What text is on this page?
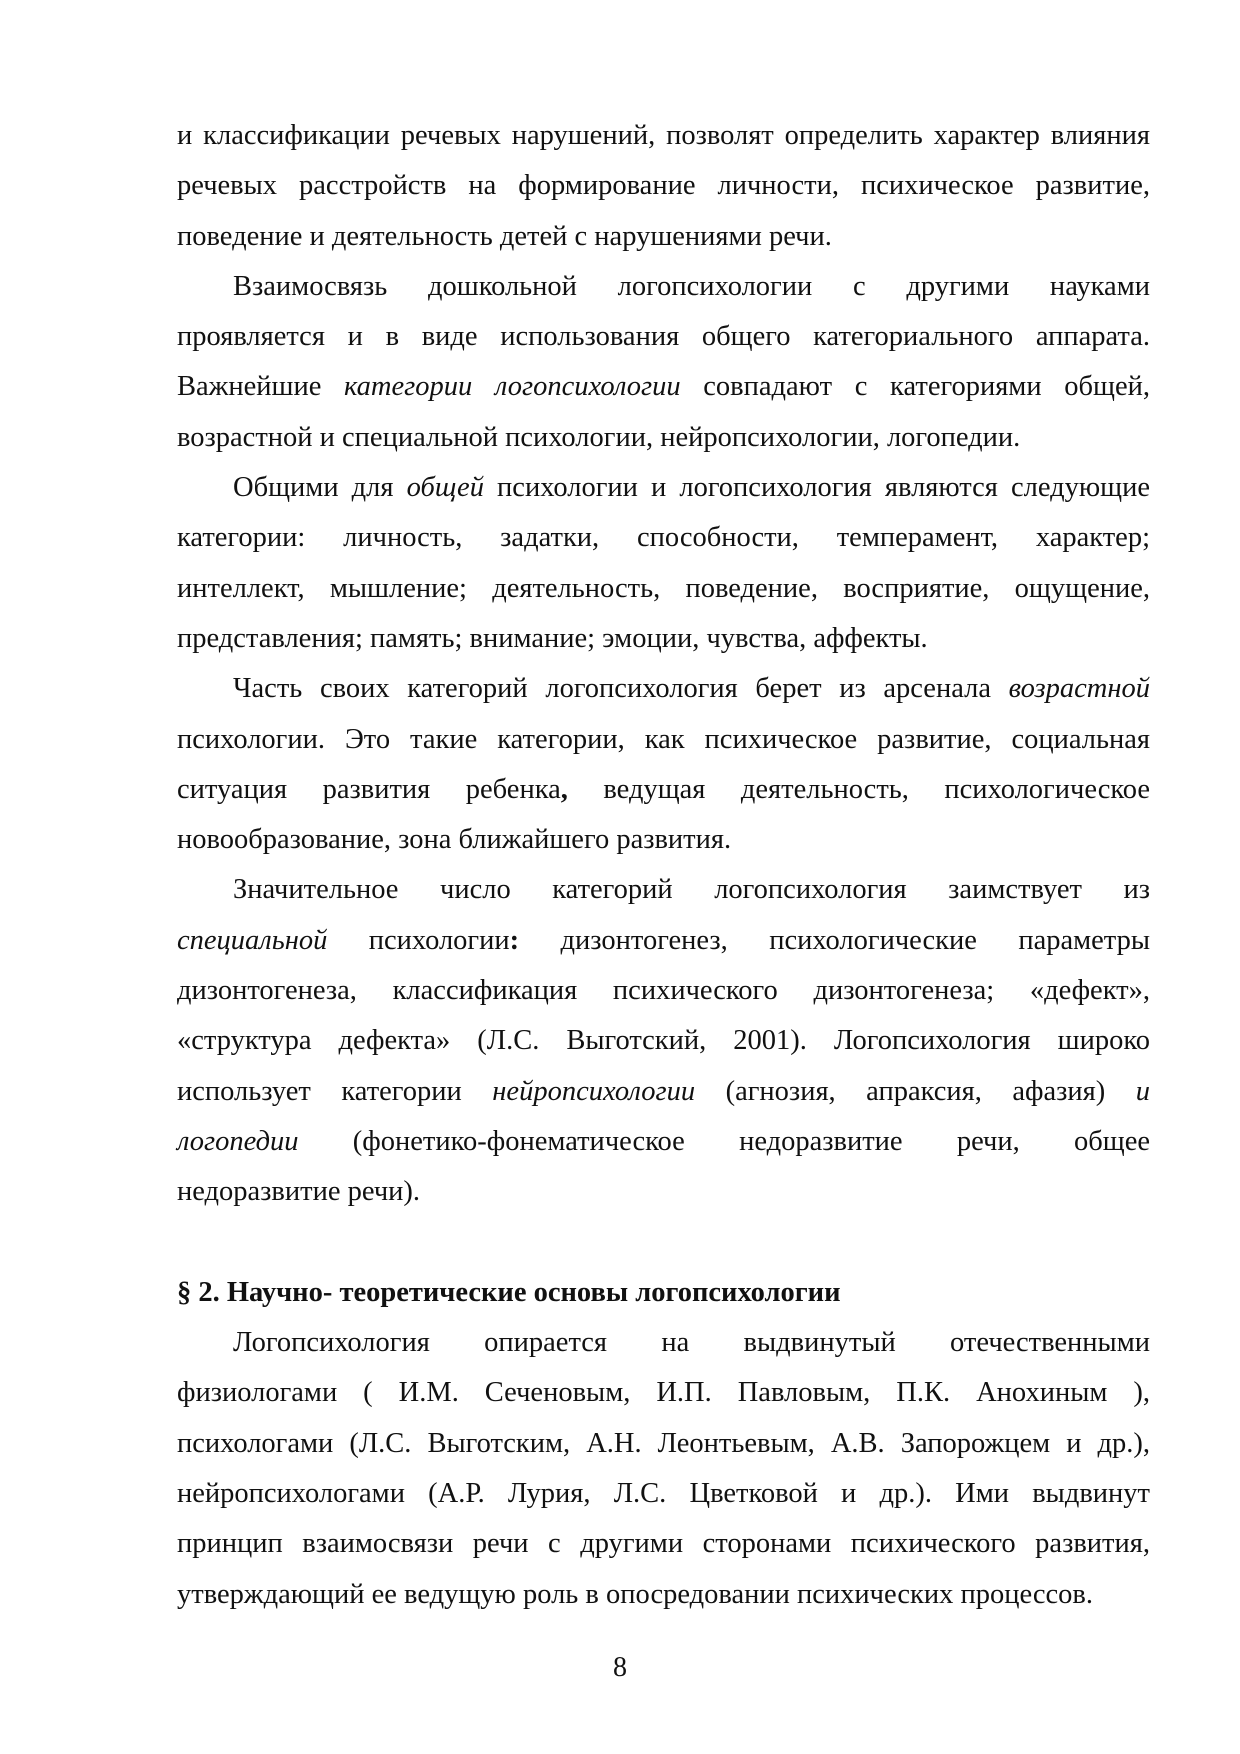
и классификации речевых нарушений, позволят определить характер влияния
речевых расстройств на формирование личности, психическое развитие,
поведение и деятельность детей с нарушениями речи.
Взаимосвязь дошкольной логопсихологии с другими науками
проявляется и в виде использования общего категориального аппарата.
Важнейшие категории логопсихологии совпадают с категориями общей,
возрастной и специальной психологии, нейропсихологии, логопедии.
Общими для общей психологии и логопсихология являются следующие
категории: личность, задатки, способности, темперамент, характер;
интеллект, мышление; деятельность, поведение, восприятие, ощущение,
представления; память; внимание; эмоции, чувства, аффекты.
Часть своих категорий логопсихология берет из арсенала возрастной
психологии. Это такие категории, как психическое развитие, социальная
ситуация развития ребенка, ведущая деятельность, психологическое
новообразование, зона ближайшего развития.
Значительное число категорий логопсихология заимствует из
специальной психологии: дизонтогенез, психологические параметры
дизонтогенеза, классификация психического дизонтогенеза; «дефект»,
«структура дефекта» (Л.С. Выготский, 2001). Логопсихология широко
использует категории нейропсихологии (агнозия, апраксия, афазия) и
логопедии (фонетико-фонематическое недоразвитие речи, общее
недоразвитие речи).
§ 2. Научно- теоретические основы логопсихологии
Логопсихология опирается на выдвинутый отечественными
физиологами ( И.М. Сеченовым, И.П. Павловым, П.К. Анохиным ),
психологами (Л.С. Выготским, А.Н. Леонтьевым, А.В. Запорожцем и др.),
нейропсихологами (А.Р. Лурия, Л.С. Цветковой и др.). Ими выдвинут
принцип взаимосвязи речи с другими сторонами психического развития,
утверждающий ее ведущую роль в опосредовании психических процессов.
8
